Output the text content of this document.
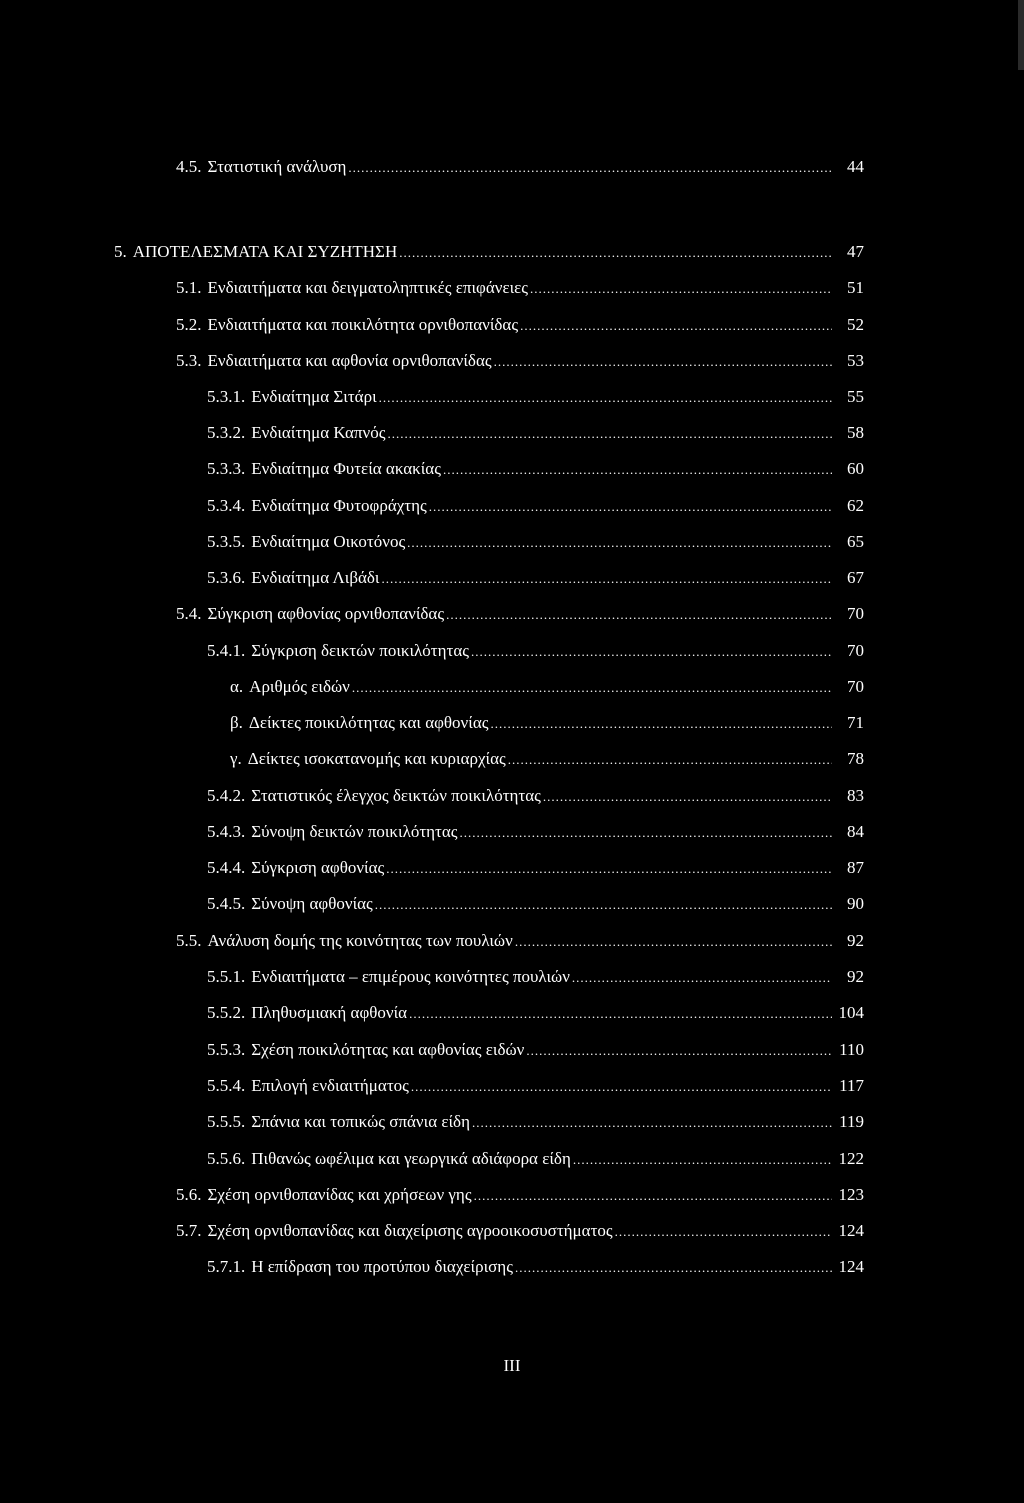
4.5. Στατιστική ανάλυση .....	44
5. ΑΠΟΤΕΛΕΣΜΑΤΑ ΚΑΙ ΣΥΖΗΤΗΣΗ .....	47
5.1. Ενδιαιτήματα και δειγματοληπτικές επιφάνειες .....	51
5.2. Ενδιαιτήματα και ποικιλότητα ορνιθοπανίδας .....	52
5.3. Ενδιαιτήματα και αφθονία ορνιθοπανίδας .....	53
5.3.1. Ενδιαίτημα Σιτάρι .....	55
5.3.2. Ενδιαίτημα Καπνός .....	58
5.3.3. Ενδιαίτημα Φυτεία ακακίας .....	60
5.3.4. Ενδιαίτημα Φυτοφράχτης .....	62
5.3.5. Ενδιαίτημα Οικοτόνος .....	65
5.3.6. Ενδιαίτημα Λιβάδι .....	67
5.4. Σύγκριση αφθονίας ορνιθοπανίδας .....	70
5.4.1. Σύγκριση δεικτών ποικιλότητας .....	70
α. Αριθμός ειδών .....	70
β. Δείκτες ποικιλότητας και αφθονίας .....	71
γ. Δείκτες ισοκατανομής και κυριαρχίας .....	78
5.4.2. Στατιστικός έλεγχος δεικτών ποικιλότητας .....	83
5.4.3. Σύνοψη δεικτών ποικιλότητας .....	84
5.4.4. Σύγκριση αφθονίας .....	87
5.4.5. Σύνοψη αφθονίας .....	90
5.5. Ανάλυση δομής της κοινότητας των πουλιών .....	92
5.5.1. Ενδιαιτήματα – επιμέρους κοινότητες πουλιών .....	92
5.5.2. Πληθυσμιακή αφθονία .....	104
5.5.3. Σχέση ποικιλότητας και αφθονίας ειδών .....	110
5.5.4. Επιλογή ενδιαιτήματος .....	117
5.5.5. Σπάνια και τοπικώς σπάνια είδη .....	119
5.5.6. Πιθανώς ωφέλιμα και γεωργικά αδιάφορα είδη .....	122
5.6. Σχέση ορνιθοπανίδας και χρήσεων γης .....	123
5.7. Σχέση ορνιθοπανίδας και διαχείρισης αγροοικοσυστήματος .....	124
5.7.1. Η επίδραση του προτύπου διαχείρισης .....	124
III
